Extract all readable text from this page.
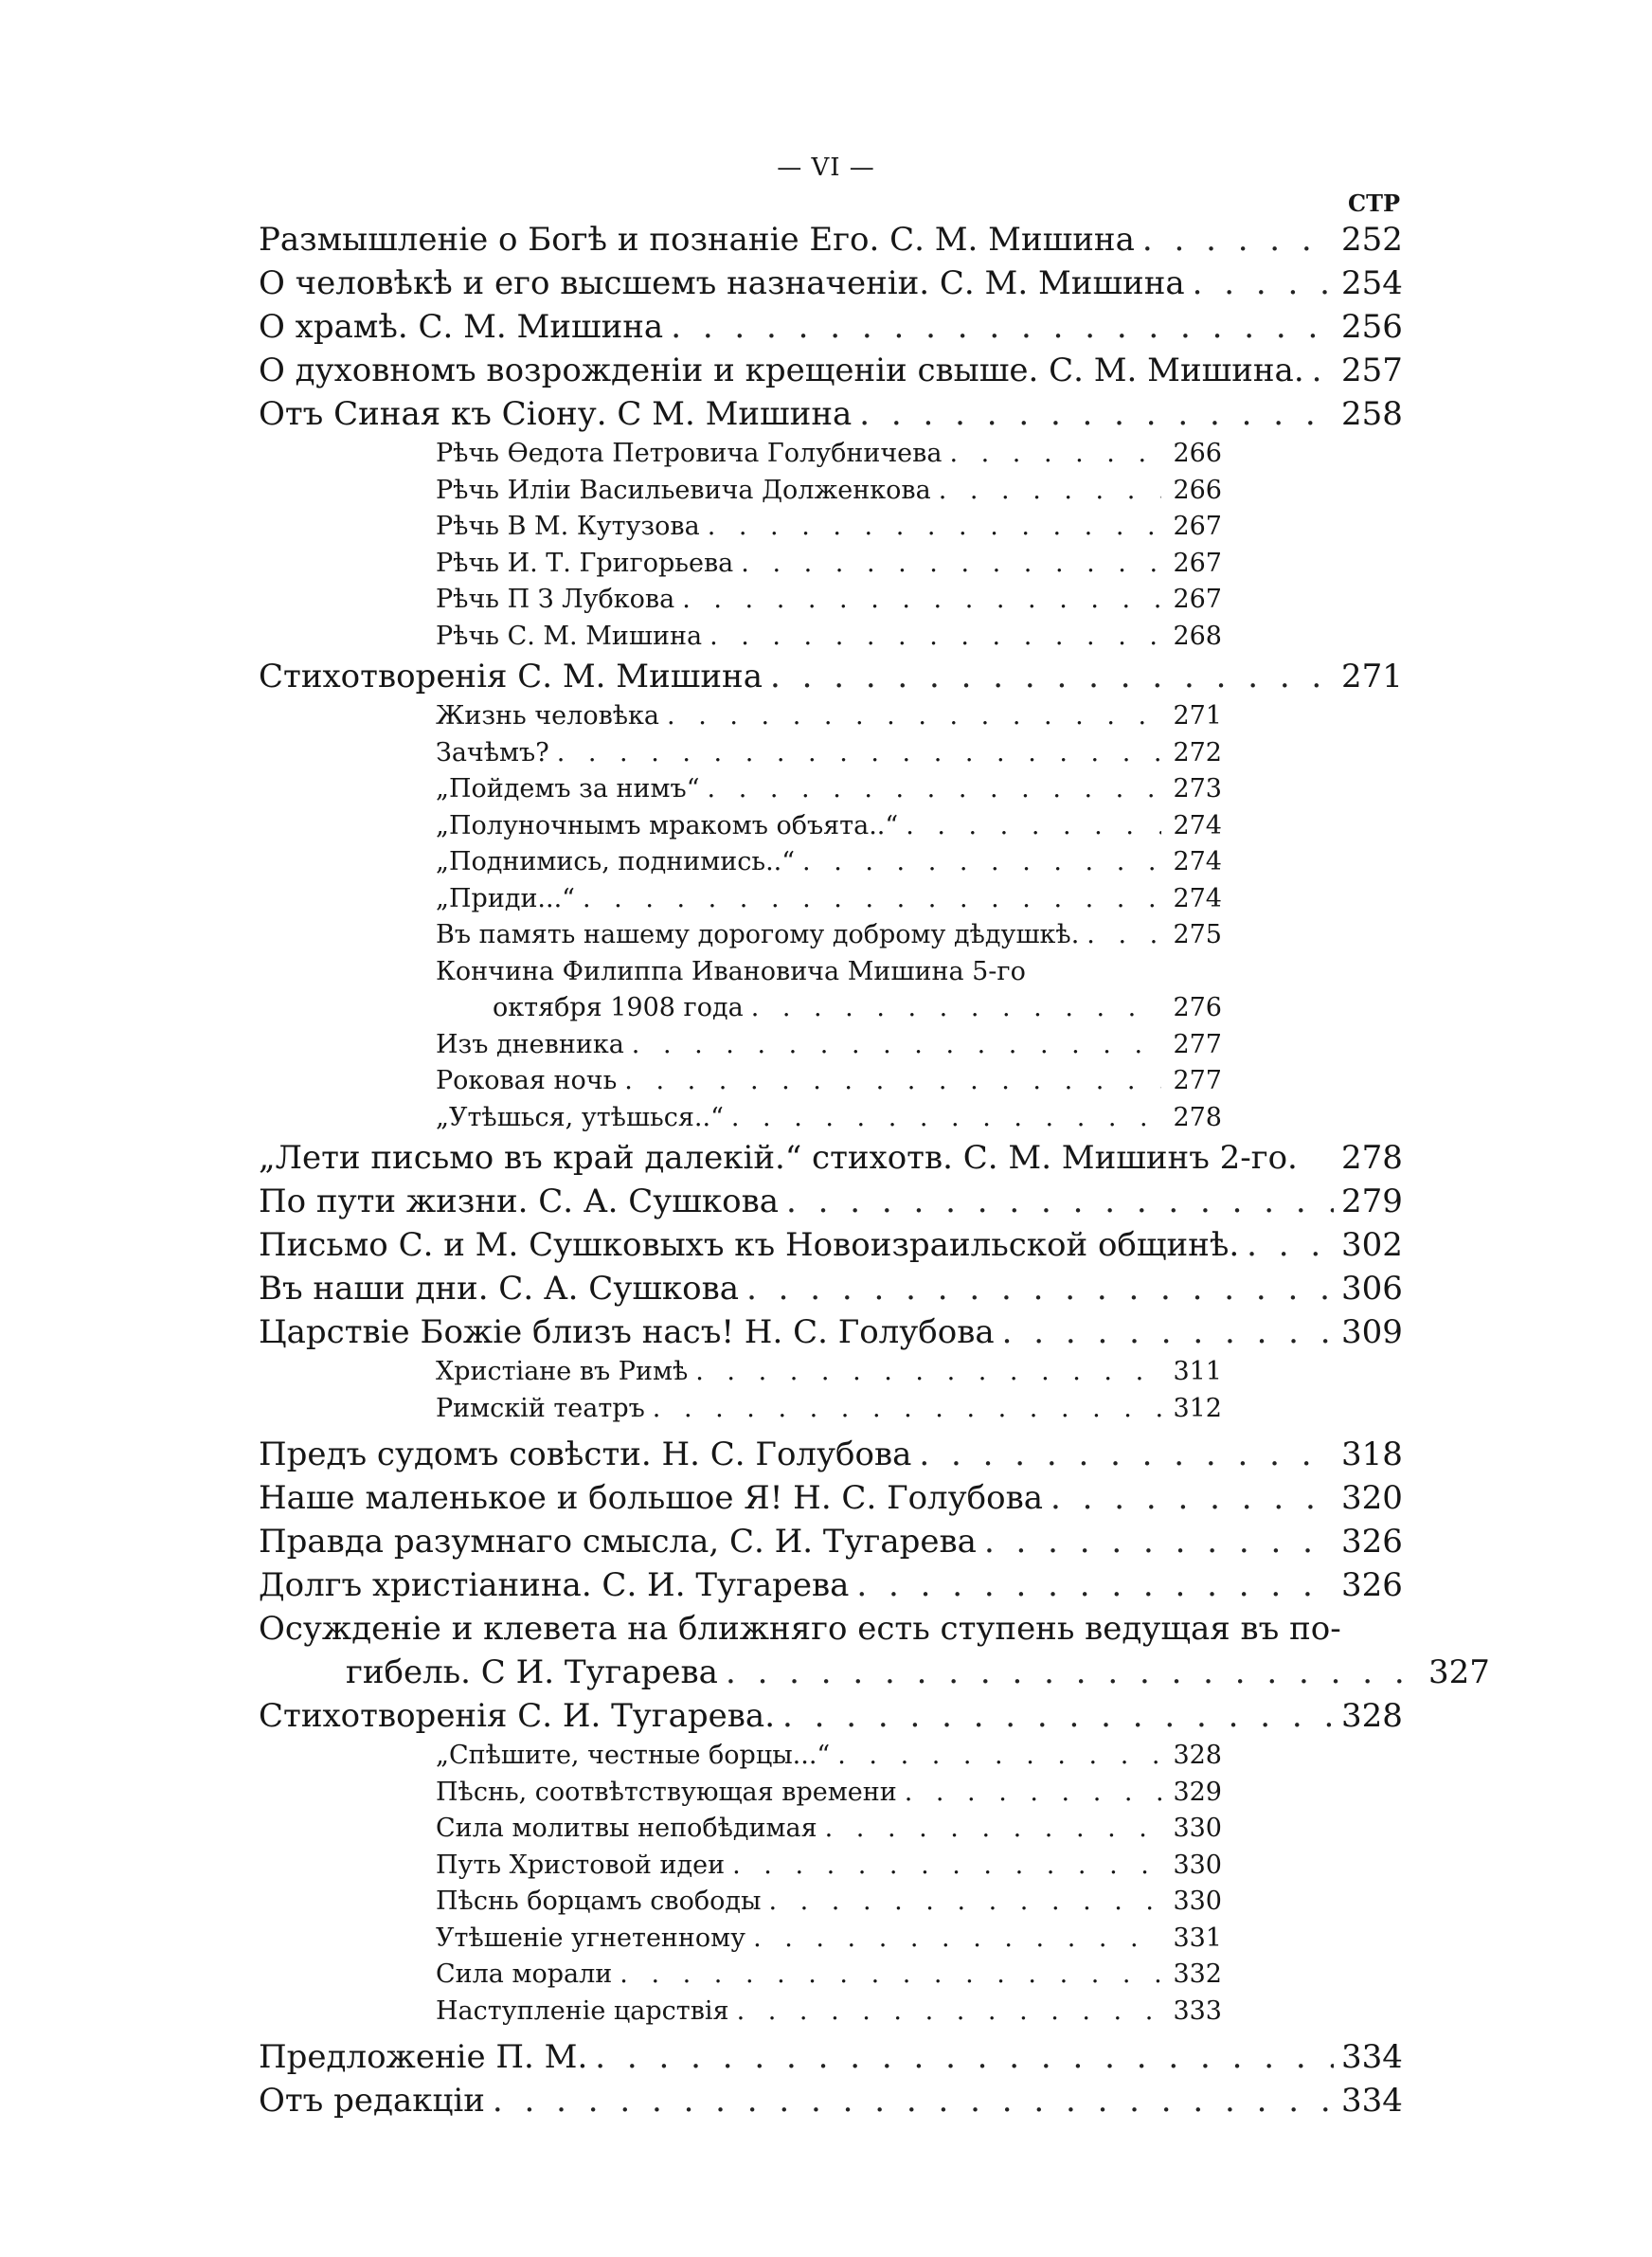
— VI —
СТР
Размышленіе о Богѣ и познаніе Его. С. М. Мишина . . .	252
О человѣкѣ и его высшемъ назначеніи. С. М. Мишина . . .	254
О храмѣ. С. М. Мишина . . .	256
О духовномъ возрожденіи и крещеніи свыше. С. М. Мишина. . . . 257
Отъ Синая къ Сіону. С М. Мишина . . .	258
Рѣчь Ѳедота Петровича Голубничева . . .	266
Рѣчь Иліи Васильевича Долженкова . . .	266
Рѣчь В М. Кутузова . . .	267
Рѣчь И. Т. Григорьева . . .	267
Рѣчь П З Лубкова . . .	267
Рѣчь С. М. Мишина . . .	268
Стихотворенія С. М. Мишина . . .	271
Жизнь человѣка . . .	271
Зачѣмъ? . . .	272
„Пойдемъ за нимъ“ . . .	273
„Полуночнымъ мракомъ объята..“ . . .	274
„Поднимись, поднимись..“ . . .	274
„Приди...“ . . .	274
Въ память нашему дорогому доброму дѣдушкѣ. . . .	275
Кончина Филиппа Ивановича Мишина 5-го
октября 1908 года . . .	276
Изъ дневника . . .	277
Роковая ночь . . .	277
„Утѣшься, утѣшься..“ . . .	278
„Лети письмо въ край далекій.“ стихотв. С. М. Мишинъ 2-го. 278
По пути жизни. С. А. Сушкова . . .	279
Письмо С. и М. Сушковыхъ къ Новоизраильской общинѣ. . . .	302
Въ наши дни. С. А. Сушкова . . .	306
Царствіе Божіе близъ насъ! Н. С. Голубова . . .	309
Христіане въ Римѣ . . .	311
Римскій театръ . . .	312
Предъ судомъ совѣсти. Н. С. Голубова . . .	318
Наше маленькое и большое Я! Н. С. Голубова . . .	320
Правда разумнаго смысла, С. И. Тугарева . . .	326
Долгъ христіанина. С. И. Тугарева . . .	326
Осужденіе и клевета на ближняго есть ступень ведущая въ по-
гибель. С И. Тугарева . . .	327
Стихотворенія С. И. Тугарева. . . .	328
„Спѣшите, честные борцы...“ . . .	328
Пѣснь, соотвѣтствующая времени . . .	329
Сила молитвы непобѣдимая . . .	330
Путь Христовой идеи . . .	330
Пѣснь борцамъ свободы . . .	330
Утѣшеніе угнетенному . . .	331
Сила морали . . .	332
Наступленіе царствія . . .	333
Предложеніе П. М. . . .	334
Отъ редакціи . . .	334
